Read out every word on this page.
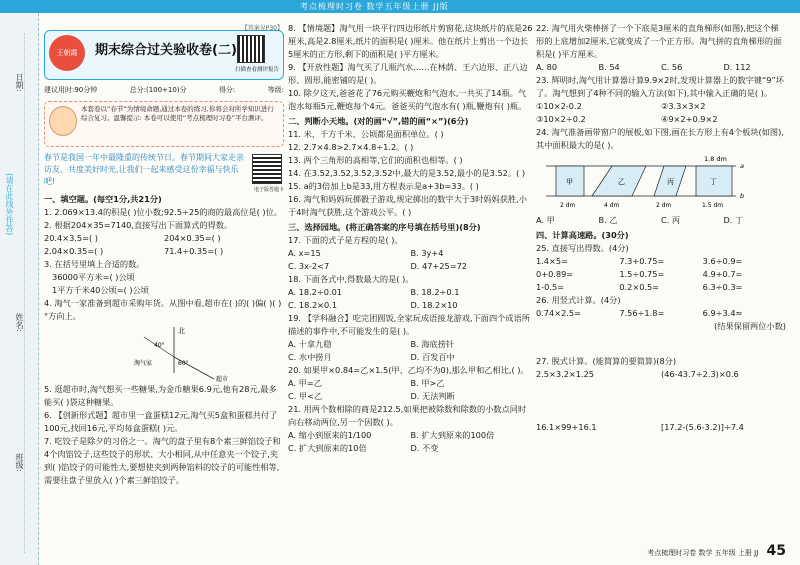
考点梳理时习卷 数学五年级上册 JJ版
日期:
(请在此线外作答)
姓名:
班级:
【答案见P30】
王朝霞	期末综合过关验收卷(二)
扫描查看测评报告
建议用时:90分钟	总分:(100+10)分	得分:	等级:
本套卷以“春节”为情境命题,通过本卷的练习,你将会对所学知识进行综合复习。温馨提示: 本卷可以使用“考点梳理时习卷”平台测评。
春节是我国一年中最隆重的传统节日。春节期间大家走亲访友、共度美好时光,让我们一起来感受这份幸福与快乐吧!
电子版答题卡
一、填空题。(每空1分,共21分)
1. 2.069×13.4的积是( )位小数;92.5÷25的商的最高位是( )位。
2. 根据204×35=7140,直接写出下面算式的得数。
20.4×3.5=( )	204×0.35=( )
2.04×0.35=( )	71.4÷0.35=( )
3. 在括号里填上合适的数。
36000平方米=( )公顷
1平方千米40公顷=( )公顷
4. 淘气一家准备到超市采购年货。从图中看,超市在( )的( )偏( )( )°方向上。
北
淘气家
超市
40°
60°
5. 逛超市时,淘气想买一些糖果,为金币糖果6.9元,他有28元,最多能买( )袋这种糖果。
6. 【创新形式题】超市里一盒蛋糕12元,淘气买5盒和蛋糕共付了100元,找回16元,平均每盒蛋糕( )元。
7. 吃饺子是除夕的习俗之一。淘气的盘子里有8个素三鲜馅饺子和4个肉馅饺子,这些饺子的形状、大小相同,从中任意夹一个饺子,夹到( )馅饺子的可能性大,要想使夹到两种馅料的饺子的可能性相等,需要往盘子里放入( )个素三鲜馅饺子。
8. 【情境题】淘气用一块平行四边形纸片剪窗花,这块纸片的底是26厘米,高是2.8厘米,纸片的面积是( )厘米。他在纸片上剪出一个边长5厘米的正方形,剩下的面积是( )平方厘米。
9. 【开放性题】淘气买了几瓶汽水……在林荫、王六边形、正八边形、圆形,能密铺的是( )。
10. 除夕这天,爸爸花了76元购买鞭炮和气泡水,一共买了14瓶。气泡水每瓶5元,鞭炮每个4元。爸爸买的气泡水有( )瓶,鞭炮有( )瓶。
二、判断小天地。(对的画“√”,错的画“×”)(6分)
11. 米、千方千米、公顷都是面积单位。( )
12. 2.7×4.8>2.7×4.8÷1.2。( )
13. 两个三角形的高相等,它们的面积也相等。( )
14. 在3.52,3.52̇,3.5̇2̇,3.52̇中,最大的是3.52̇,最小的是3.52。( )
15. a的3倍加上b是33,用方程表示是a+3b=33。( )
16. 淘气和妈妈玩掷骰子游戏,规定掷出的数字大于3时妈妈获胜,小于4时淘气获胜,这个游戏公平。( )
三、选择园地。(将正确答案的序号填在括号里)(8分)
17. 下面的式子是方程的是( )。
A. x=15	B. 3y+4
C. 3x-2<7	D. 47+25=72
18. 下面各式中,得数最大的是( )。
A. 18.2÷0.01	B. 18.2÷0.1
C. 18.2×0.1	D. 18.2×10
19. 【学科融合】吃完团圆饭,全家玩成语接龙游戏,下面四个成语所描述的事件中,不可能发生的是( )。
A. 十拿九稳	B. 海底捞针
C. 水中捞月	D. 百发百中
20. 如果甲×0.84=乙×1.5(甲、乙均不为0),那么甲和乙相比,( )。
A. 甲=乙	B. 甲>乙
C. 甲<乙	D. 无法判断
21. 用两个数相除的商是212.5,如果把被除数和除数的小数点同时向右移动两位,另一个因数( )。
A. 缩小到原来的1/100	B. 扩大到原来的100倍
C. 扩大到原来的10倍	D. 不变
22. 淘气用火柴棒拼了一个下底是3厘米的直角梯形(如图),把这个梯形的上底增加2厘米,它就变成了一个正方形。淘气拼的直角梯形的面积是( )平方厘米。
A. 80	B. 54	C. 56	D. 112
23. 辉明时,淘气用计算器计算9.9×2时,发现计算器上的数字键“9”坏了。淘气想到了4种不同的输入方法(如下),其中输入正确的是( )。
①10×2-0.2	②3.3×3×2
③10×2÷0.2	④9×2+0.9×2
24. 淘气准备画带窗户的展板,如下图,画在长方形上有4个板块(如图),其中面积最大的是( )。
1.8 dm
a
b
甲	乙	丙	丁
2 dm	4 dm	2 dm	1.5 dm
A. 甲	B. 乙	C. 丙	D. 丁
四、计算高速路。(30分)
25. 直接写出得数。(4分)
1.4×5=	7.3+0.75=	3.6÷0.9=
0+0.89=	1.5÷0.75=	4.9+0.7=
1-0.5=	0.2×0.5=	6.3÷0.3=
26. 用竖式计算。(4分)
0.74×2.5=	7.56÷1.8=	6.9÷3.4≈
(结果保留两位小数)
27. 脱式计算。(能简算的要简算)(8分)
2.5×3.2×1.25	(46-43.7÷2.3)×0.6
16.1×99+16.1	[17.2-(5.6-3.2)]÷7.4
考点梳理时习卷 数学 五年级 上册 JJ 45
